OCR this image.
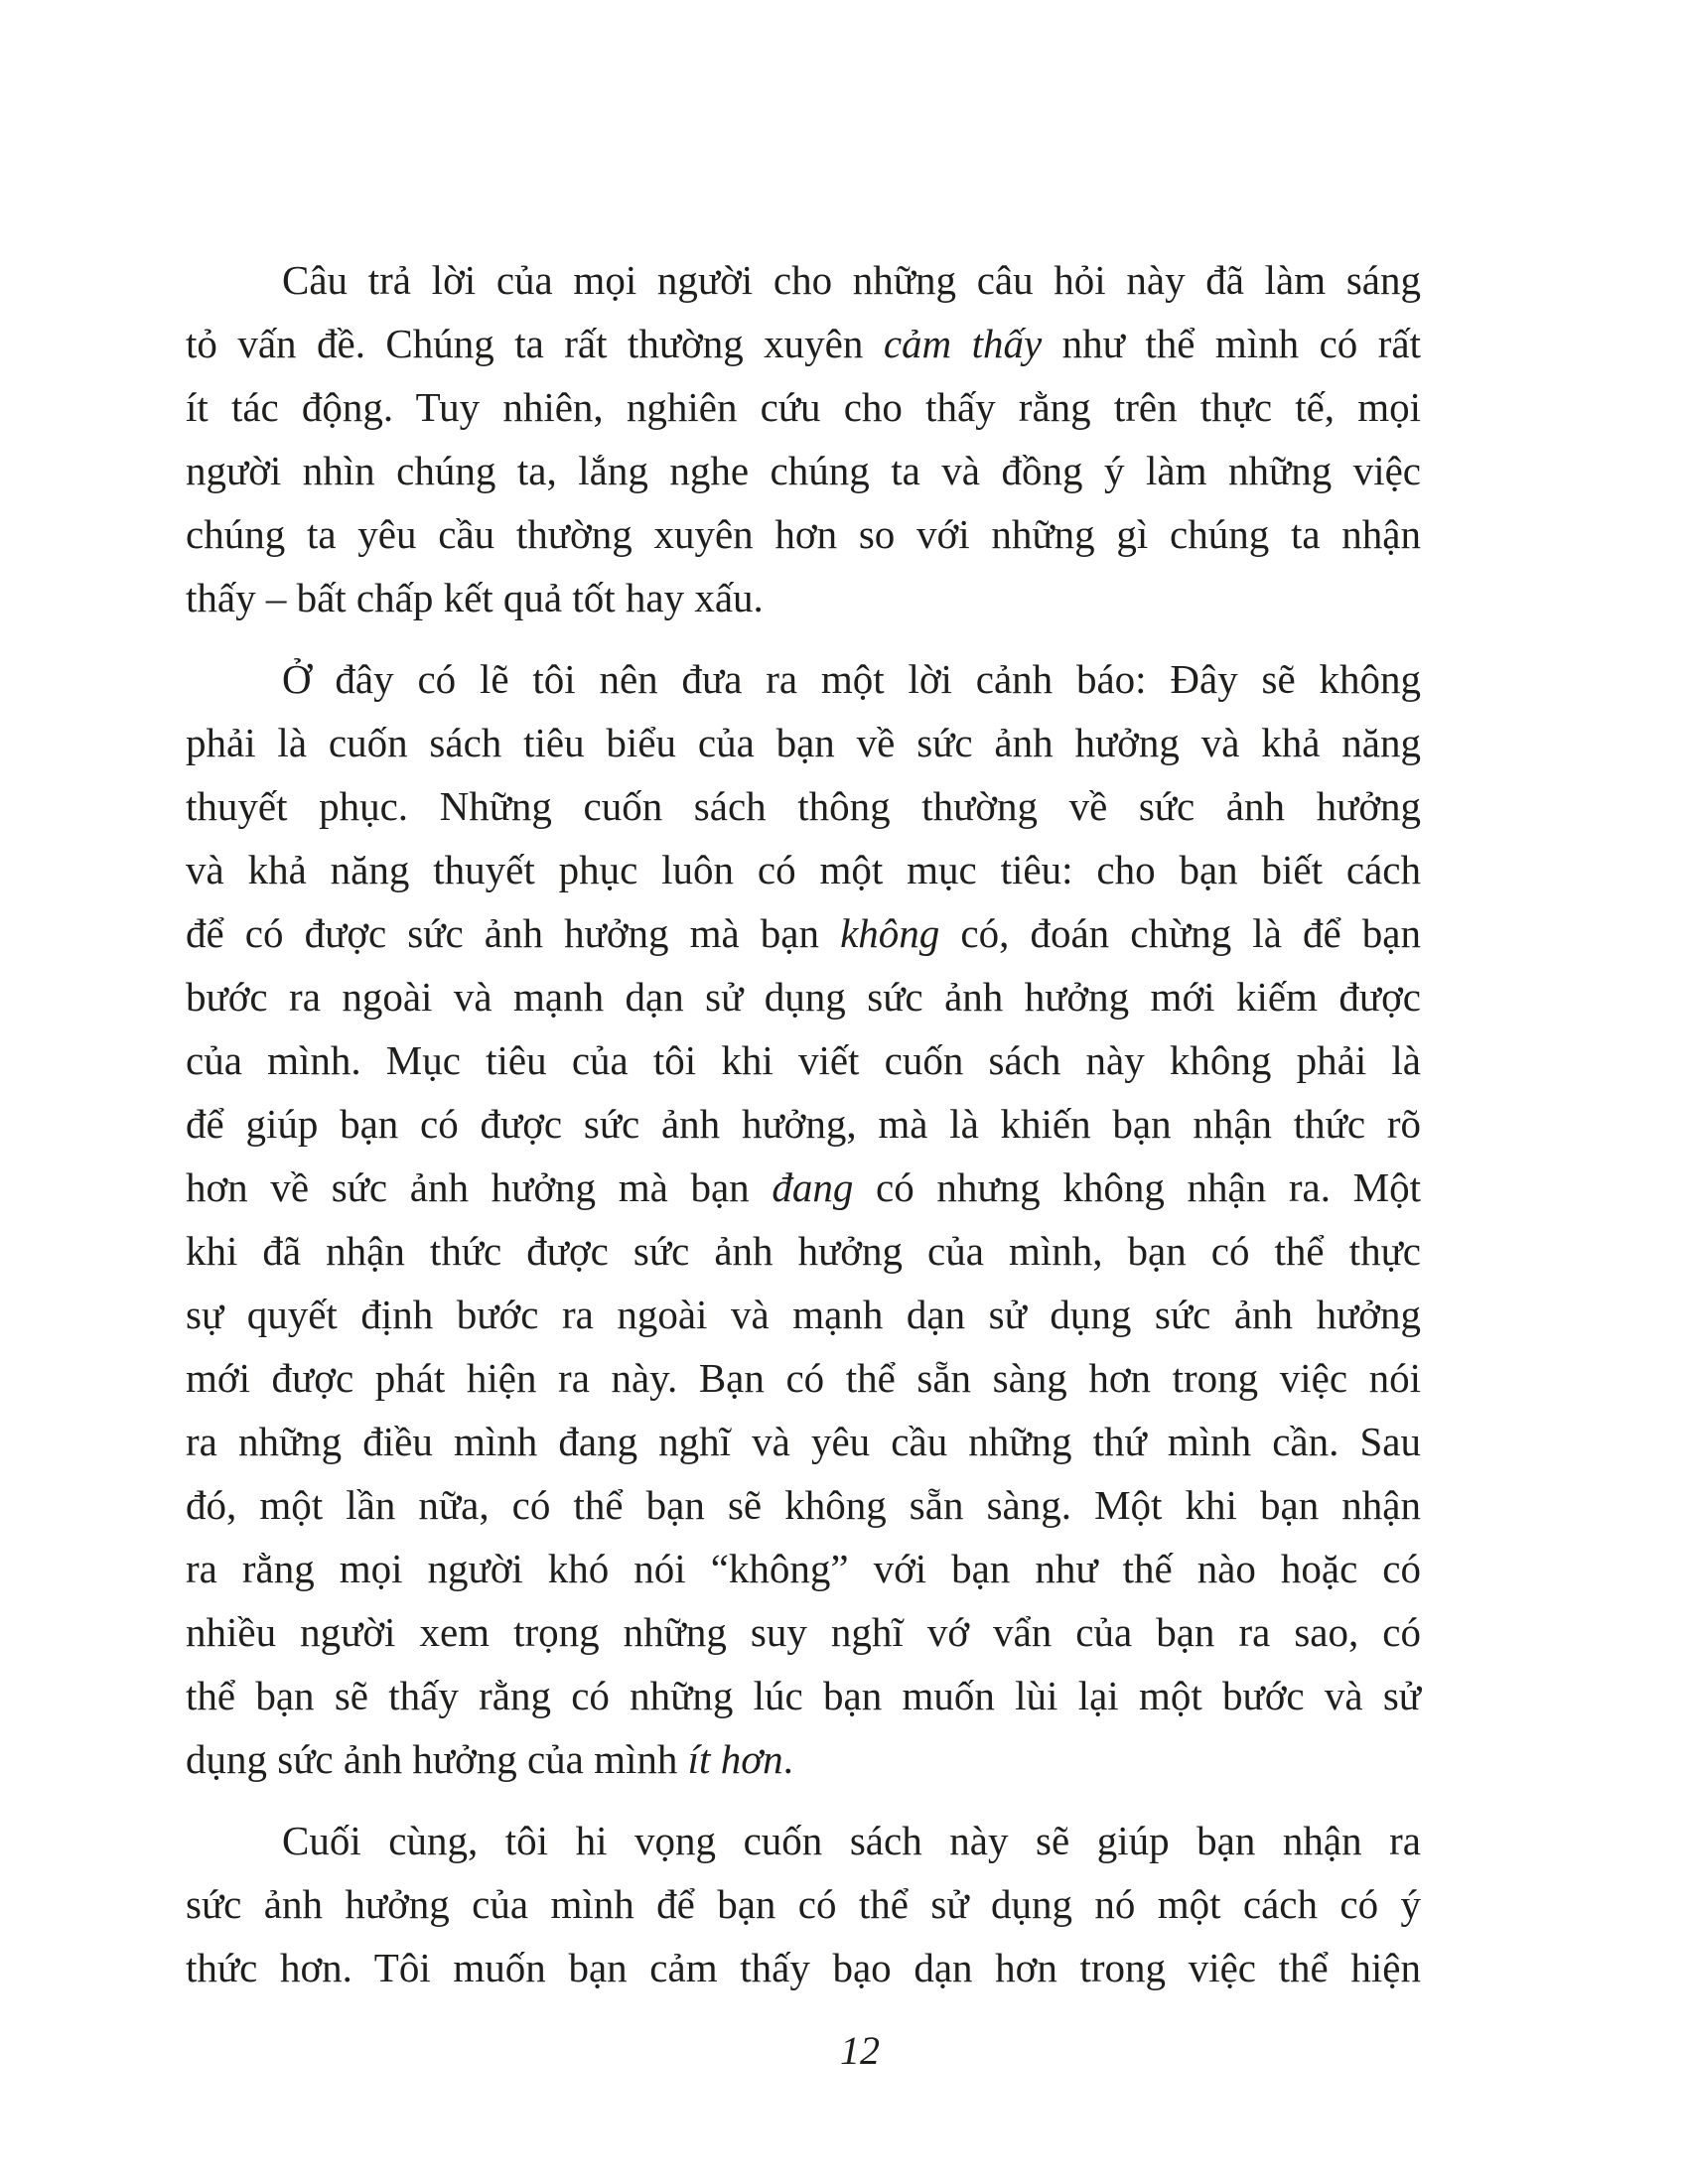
Câu trả lời của mọi người cho những câu hỏi này đã làm sáng
tỏ vấn đề. Chúng ta rất thường xuyên cảm thấy như thể mình có rất
ít tác động. Tuy nhiên, nghiên cứu cho thấy rằng trên thực tế, mọi
người nhìn chúng ta, lắng nghe chúng ta và đồng ý làm những việc
chúng ta yêu cầu thường xuyên hơn so với những gì chúng ta nhận
thấy – bất chấp kết quả tốt hay xấu.
Ở đây có lẽ tôi nên đưa ra một lời cảnh báo: Đây sẽ không
phải là cuốn sách tiêu biểu của bạn về sức ảnh hưởng và khả năng
thuyết phục. Những cuốn sách thông thường về sức ảnh hưởng
và khả năng thuyết phục luôn có một mục tiêu: cho bạn biết cách
để có được sức ảnh hưởng mà bạn không có, đoán chừng là để bạn
bước ra ngoài và mạnh dạn sử dụng sức ảnh hưởng mới kiếm được
của mình. Mục tiêu của tôi khi viết cuốn sách này không phải là
để giúp bạn có được sức ảnh hưởng, mà là khiến bạn nhận thức rõ
hơn về sức ảnh hưởng mà bạn đang có nhưng không nhận ra. Một
khi đã nhận thức được sức ảnh hưởng của mình, bạn có thể thực
sự quyết định bước ra ngoài và mạnh dạn sử dụng sức ảnh hưởng
mới được phát hiện ra này. Bạn có thể sẵn sàng hơn trong việc nói
ra những điều mình đang nghĩ và yêu cầu những thứ mình cần. Sau
đó, một lần nữa, có thể bạn sẽ không sẵn sàng. Một khi bạn nhận
ra rằng mọi người khó nói “không” với bạn như thế nào hoặc có
nhiều người xem trọng những suy nghĩ vớ vẩn của bạn ra sao, có
thể bạn sẽ thấy rằng có những lúc bạn muốn lùi lại một bước và sử
dụng sức ảnh hưởng của mình ít hơn.
Cuối cùng, tôi hi vọng cuốn sách này sẽ giúp bạn nhận ra
sức ảnh hưởng của mình để bạn có thể sử dụng nó một cách có ý
thức hơn. Tôi muốn bạn cảm thấy bạo dạn hơn trong việc thể hiện
12
